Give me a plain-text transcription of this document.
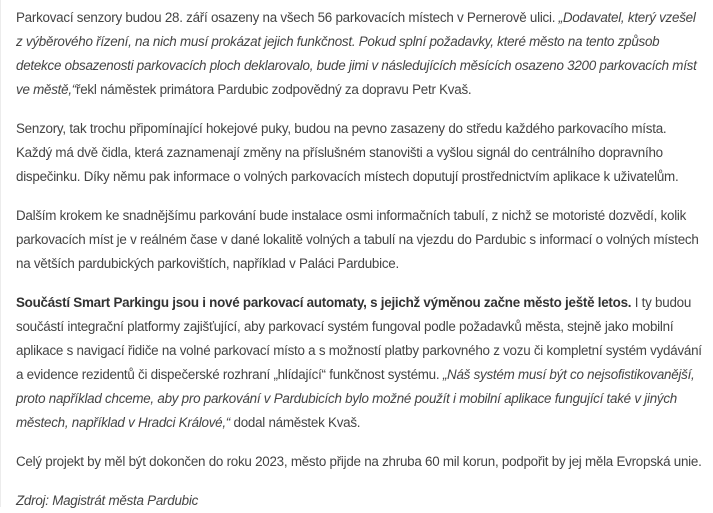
Parkovací senzory budou 28. září osazeny na všech 56 parkovacích místech v Pernerově ulici. „Dodavatel, který vzešel z výběrového řízení, na nich musí prokázat jejich funkčnost. Pokud splní požadavky, které město na tento způsob detekce obsazenosti parkovacích ploch deklarovalo, bude jimi v následujících měsících osazeno 3200 parkovacích míst ve městě,“řekl náměstek primátora Pardubic zodpovědný za dopravu Petr Kvaš.

Senzory, tak trochu připomínající hokejové puky, budou na pevno zasazeny do středu každého parkovacího místa. Každý má dvě čidla, která zaznamenají změny na příslušném stanovišti a vyšlou signál do centrálního dopravního dispečinku. Díky němu pak informace o volných parkovacích místech doputují prostřednictvím aplikace k uživatelům.

Dalším krokem ke snadnějšímu parkování bude instalace osmi informačních tabulí, z nichž se motoristé dozvědí, kolik parkovacích míst je v reálném čase v dané lokalitě volných a tabulí na vjezdu do Pardubic s informací o volných místech na větších pardubických parkovištích, například v Paláci Pardubice.

Součástí Smart Parkingu jsou i nové parkovací automaty, s jejichž výměnou začne město ještě letos. I ty budou součástí integrační platformy zajišťující, aby parkovací systém fungoval podle požadavků města, stejně jako mobilní aplikace s navigací řidiče na volné parkovací místo a s možností platby parkovného z vozu či kompletní systém vydávání a evidence rezidentů či dispečerské rozhraní „hlídající“ funkčnost systému. „Náš systém musí být co nejsofistikovanější, proto například chceme, aby pro parkování v Pardubicích bylo možné použít i mobilní aplikace fungující také v jiných městech, například v Hradci Králové,“ dodal náměstek Kvaš.

Celý projekt by měl být dokončen do roku 2023, město přijde na zhruba 60 mil korun, podpořit by jej měla Evropská unie.

Zdroj: Magistrát města Pardubic
